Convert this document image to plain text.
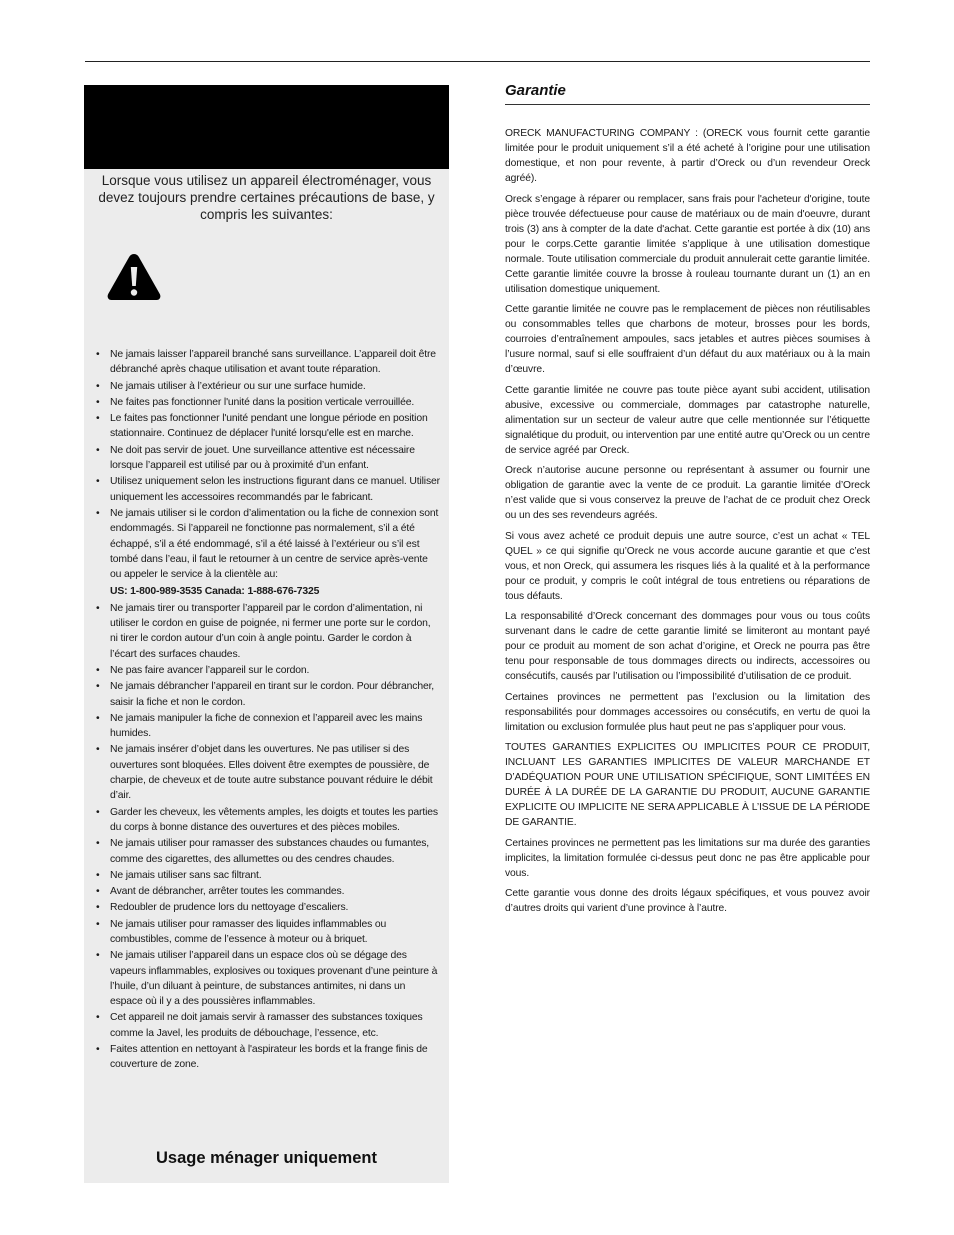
Lorsque vous utilisez un appareil électroménager, vous devez toujours prendre certaines précautions de base, y compris les suivantes:

• Ne jamais laisser l’appareil branché sans surveillance. L’appareil doit être débranché après chaque utilisation et avant toute réparation.
• Ne jamais utiliser à l’extérieur ou sur une surface humide.
• Ne faites pas fonctionner l'unité dans la position verticale verrouillée.
• Le faites pas fonctionner l'unité pendant une longue période en position stationnaire. Continuez de déplacer l'unité lorsqu'elle est en marche.
• Ne doit pas servir de jouet. Une surveillance attentive est nécessaire lorsque l’appareil est utilisé par ou à proximité d’un enfant.
• Utilisez uniquement selon les instructions figurant dans ce manuel. Utiliser uniquement les accessoires recommandés par le fabricant.
• Ne jamais utiliser si le cordon d’alimentation ou la fiche de connexion sont endommagés. Si l’appareil ne fonctionne pas normalement, s’il a été échappé, s’il a été endommagé, s’il a été laissé à l’extérieur ou s’il est tombé dans l’eau, il faut le retourner à un centre de service après-vente ou appeler le service à la clientèle au:
US: 1-800-989-3535 Canada: 1-888-676-7325
• Ne jamais tirer ou transporter l’appareil par le cordon d’alimentation, ni utiliser le cordon en guise de poignée, ni fermer une porte sur le cordon, ni tirer le cordon autour d’un coin à angle pointu. Garder le cordon à l’écart des surfaces chaudes.
• Ne pas faire avancer l’appareil sur le cordon.
• Ne jamais débrancher l’appareil en tirant sur le cordon. Pour débrancher, saisir la fiche et non le cordon.
• Ne jamais manipuler la fiche de connexion et l’appareil avec les mains humides.
• Ne jamais insérer d’objet dans les ouvertures. Ne pas utiliser si des ouvertures sont bloquées. Elles doivent être exemptes de poussière, de charpie, de cheveux et de toute autre substance pouvant réduire le débit d’air.
• Garder les cheveux, les vêtements amples, les doigts et toutes les parties du corps à bonne distance des ouvertures et des pièces mobiles.
• Ne jamais utiliser pour ramasser des substances chaudes ou fumantes, comme des cigarettes, des allumettes ou des cendres chaudes.
• Ne jamais utiliser sans sac filtrant.
• Avant de débrancher, arrêter toutes les commandes.
• Redoubler de prudence lors du nettoyage d’escaliers.
• Ne jamais utiliser pour ramasser des liquides inflammables ou combustibles, comme de l’essence à moteur ou à briquet.
• Ne jamais utiliser l’appareil dans un espace clos où se dégage des vapeurs inflammables, explosives ou toxiques provenant d’une peinture à l’huile, d’un diluant à peinture, de substances antimites, ni dans un espace où il y a des poussières inflammables.
• Cet appareil ne doit jamais servir à ramasser des substances toxiques comme la Javel, les produits de débouchage, l’essence, etc.
• Faites attention en nettoyant à l'aspirateur les bords et la frange finis de couverture de zone.
Usage ménager uniquement
Garantie

ORECK MANUFACTURING COMPANY : (ORECK vous fournit cette garantie limitée pour le produit uniquement s’il a été acheté à l’origine pour une utilisation domestique, et non pour revente, à partir d’Oreck ou d’un revendeur Oreck agréé).

Oreck s’engage à réparer ou remplacer, sans frais pour l'acheteur d'origine, toute pièce trouvée défectueuse pour cause de matériaux ou de main d'oeuvre, durant trois (3) ans à compter de la date d'achat. Cette garantie est portée à dix (10) ans pour le corps.Cette garantie limitée s’applique à une utilisation domestique normale. Toute utilisation commerciale du produit annulerait cette garantie limitée. Cette garantie limitée couvre la brosse à rouleau tournante durant un (1) an en utilisation domestique uniquement.

Cette garantie limitée ne couvre pas le remplacement de pièces non réutilisables ou consommables telles que charbons de moteur, brosses pour les bords, courroies d’entraînement ampoules, sacs jetables et autres pièces soumises à l’usure normal, sauf si elle souffraient d’un défaut du aux matériaux ou à la main d’œuvre.

Cette garantie limitée ne couvre pas toute pièce ayant subi accident, utilisation abusive, excessive ou commerciale, dommages par catastrophe naturelle, alimentation sur un secteur de valeur autre que celle mentionnée sur l’étiquette signalétique du produit, ou intervention par une entité autre qu’Oreck ou un centre de service agréé par Oreck.

Oreck n’autorise aucune personne ou représentant à assumer ou fournir une obligation de garantie avec la vente de ce produit. La garantie limitée d’Oreck n’est valide que si vous conservez la preuve de l’achat de ce produit chez Oreck ou un des ses revendeurs agréés.

Si vous avez acheté ce produit depuis une autre source, c’est un achat « TEL QUEL » ce qui signifie qu’Oreck ne vous accorde aucune garantie et que c’est vous, et non Oreck, qui assumera les risques liés à la qualité et à la performance pour ce produit, y compris le coût intégral de tous entretiens ou réparations de tous défauts.

La responsabilité d’Oreck concernant des dommages pour vous ou tous coûts survenant dans le cadre de cette garantie limité se limiteront au montant payé pour ce produit au moment de son achat d’origine, et Oreck ne pourra pas être tenu pour responsable de tous dommages directs ou indirects, accessoires ou consécutifs, causés par l’utilisation ou l’impossibilité d’utilisation de ce produit.

Certaines provinces ne permettent pas l’exclusion ou la limitation des responsabilités pour dommages accessoires ou consécutifs, en vertu de quoi la limitation ou exclusion formulée plus haut peut ne pas s’appliquer pour vous.

TOUTES GARANTIES EXPLICITES OU IMPLICITES POUR CE PRODUIT, INCLUANT LES GARANTIES IMPLICITES DE VALEUR MARCHANDE ET D’ADÉQUATION POUR UNE UTILISATION SPÉCIFIQUE, SONT LIMITÉES EN DURÉE À LA DURÉE DE LA GARANTIE DU PRODUIT, AUCUNE GARANTIE EXPLICITE OU IMPLICITE NE SERA APPLICABLE À L’ISSUE DE LA PÉRIODE DE GARANTIE.

Certaines provinces ne permettent pas les limitations sur ma durée des garanties implicites, la limitation formulée ci-dessus peut donc ne pas être applicable pour vous.

Cette garantie vous donne des droits légaux spécifiques, et vous pouvez avoir d’autres droits qui varient d’une province à l’autre.
